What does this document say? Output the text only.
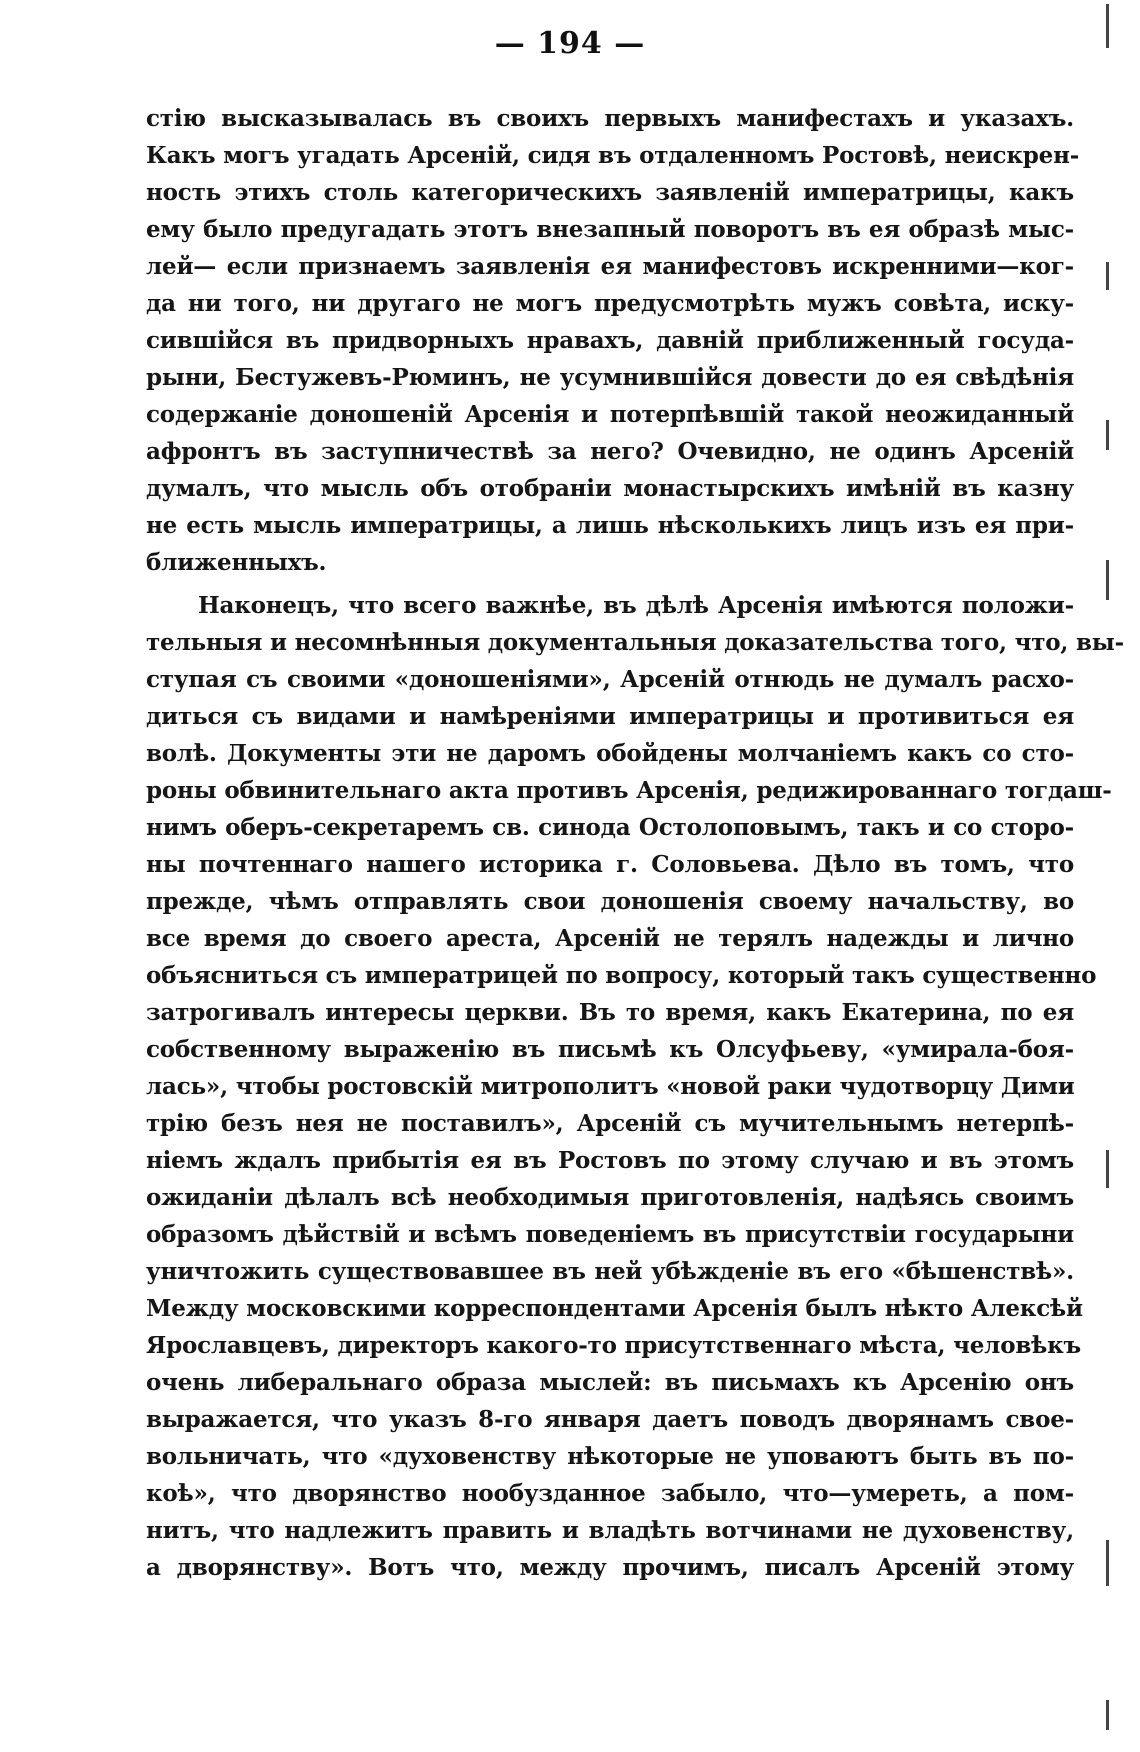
— 194 —
стію высказывалась въ своихъ первыхъ манифестахъ и указахъ.
Какъ могъ угадать Арсеній, сидя въ отдаленномъ Ростовѣ, неискрен-
ность этихъ столь категорическихъ заявленій императрицы, какъ
ему было предугадать этотъ внезапный поворотъ въ ея образѣ мыс-
лей— если признаемъ заявленія ея манифестовъ искренними—ког-
да ни того, ни другаго не могъ предусмотрѣть мужъ совѣта, иску-
сившійся въ придворныхъ нравахъ, давній приближенный госуда-
рыни, Бестужевъ-Рюминъ, не усумнившійся довести до ея свѣдѣнія
содержаніе доношеній Арсенія и потерпѣвшій такой неожиданный
афронтъ въ заступничествѣ за него? Очевидно, не одинъ Арсеній
думалъ, что мысль объ отобраніи монастырскихъ имѣній въ казну
не есть мысль императрицы, а лишь нѣсколькихъ лицъ изъ ея при-
ближенныхъ.
Наконецъ, что всего важнѣе, въ дѣлѣ Арсенія имѣются положи-
тельныя и несомнѣнныя документальныя доказательства того, что, вы-
ступая съ своими «доношеніями», Арсеній отнюдь не думалъ расхо-
диться съ видами и намѣреніями императрицы и противиться ея
волѣ. Документы эти не даромъ обойдены молчаніемъ какъ со сто-
роны обвинительнаго акта противъ Арсенія, редижированнаго тогдаш-
нимъ оберъ-секретаремъ св. синода Остолоповымъ, такъ и со сторо-
ны почтеннаго нашего историка г. Соловьева. Дѣло въ томъ, что
прежде, чѣмъ отправлять свои доношенія своему начальству, во
все время до своего ареста, Арсеній не терялъ надежды и лично
объясниться съ императрицей по вопросу, который такъ существенно
затрогивалъ интересы церкви. Въ то время, какъ Екатерина, по ея
собственному выраженію въ письмѣ къ Олсуфьеву, «умирала-боя-
лась», чтобы ростовскій митрополитъ «новой раки чудотворцу Дими
трію безъ нея не поставилъ», Арсеній съ мучительнымъ нетерпѣ-
ніемъ ждалъ прибытія ея въ Ростовъ по этому случаю и въ этомъ
ожиданіи дѣлалъ всѣ необходимыя приготовленія, надѣясь своимъ
образомъ дѣйствій и всѣмъ поведеніемъ въ присутствіи государыни
уничтожить существовавшее въ ней убѣжденіе въ его «бѣшенствѣ».
Между московскими корреспондентами Арсенія былъ нѣкто Алексѣй
Ярославцевъ, директоръ какого-то присутственнаго мѣста, человѣкъ
очень либеральнаго образа мыслей: въ письмахъ къ Арсенію онъ
выражается, что указъ 8-го января даетъ поводъ дворянамъ свое-
вольничать, что «духовенству нѣкоторые не уповаютъ быть въ по-
коѣ», что дворянство нообузданное забыло, что—умереть, а пом-
нитъ, что надлежитъ править и владѣть вотчинами не духовенству,
а дворянству». Вотъ что, между прочимъ, писалъ Арсеній этому
